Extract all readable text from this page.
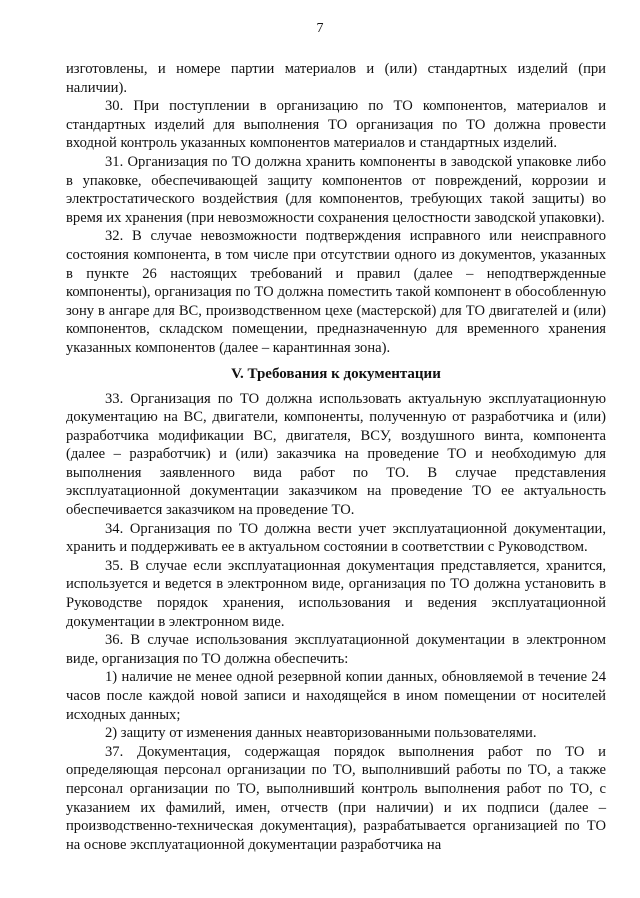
7

изготовлены, и номере партии материалов и (или) стандартных изделий (при наличии).

30. При поступлении в организацию по ТО компонентов, материалов и стандартных изделий для выполнения ТО организация по ТО должна провести входной контроль указанных компонентов материалов и стандартных изделий.

31. Организация по ТО должна хранить компоненты в заводской упаковке либо в упаковке, обеспечивающей защиту компонентов от повреждений, коррозии и электростатического воздействия (для компонентов, требующих такой защиты) во время их хранения (при невозможности сохранения целостности заводской упаковки).

32. В случае невозможности подтверждения исправного или неисправного состояния компонента, в том числе при отсутствии одного из документов, указанных в пункте 26 настоящих требований и правил (далее – неподтвержденные компоненты), организация по ТО должна поместить такой компонент в обособленную зону в ангаре для ВС, производственном цехе (мастерской) для ТО двигателей и (или) компонентов, складском помещении, предназначенную для временного хранения указанных компонентов (далее – карантинная зона).

V. Требования к документации

33. Организация по ТО должна использовать актуальную эксплуатационную документацию на ВС, двигатели, компоненты, полученную от разработчика и (или) разработчика модификации ВС, двигателя, ВСУ, воздушного винта, компонента (далее – разработчик) и (или) заказчика на проведение ТО и необходимую для выполнения заявленного вида работ по ТО. В случае представления эксплуатационной документации заказчиком на проведение ТО ее актуальность обеспечивается заказчиком на проведение ТО.

34. Организация по ТО должна вести учет эксплуатационной документации, хранить и поддерживать ее в актуальном состоянии в соответствии с Руководством.

35. В случае если эксплуатационная документация представляется, хранится, используется и ведется в электронном виде, организация по ТО должна установить в Руководстве порядок хранения, использования и ведения эксплуатационной документации в электронном виде.

36. В случае использования эксплуатационной документации в электронном виде, организация по ТО должна обеспечить:

1) наличие не менее одной резервной копии данных, обновляемой в течение 24 часов после каждой новой записи и находящейся в ином помещении от носителей исходных данных;

2) защиту от изменения данных неавторизованными пользователями.

37. Документация, содержащая порядок выполнения работ по ТО и определяющая персонал организации по ТО, выполнивший работы по ТО, а также персонал организации по ТО, выполнивший контроль выполнения работ по ТО, с указанием их фамилий, имен, отчеств (при наличии) и их подписи (далее – производственно-техническая документация), разрабатывается организацией по ТО на основе эксплуатационной документации разработчика на
